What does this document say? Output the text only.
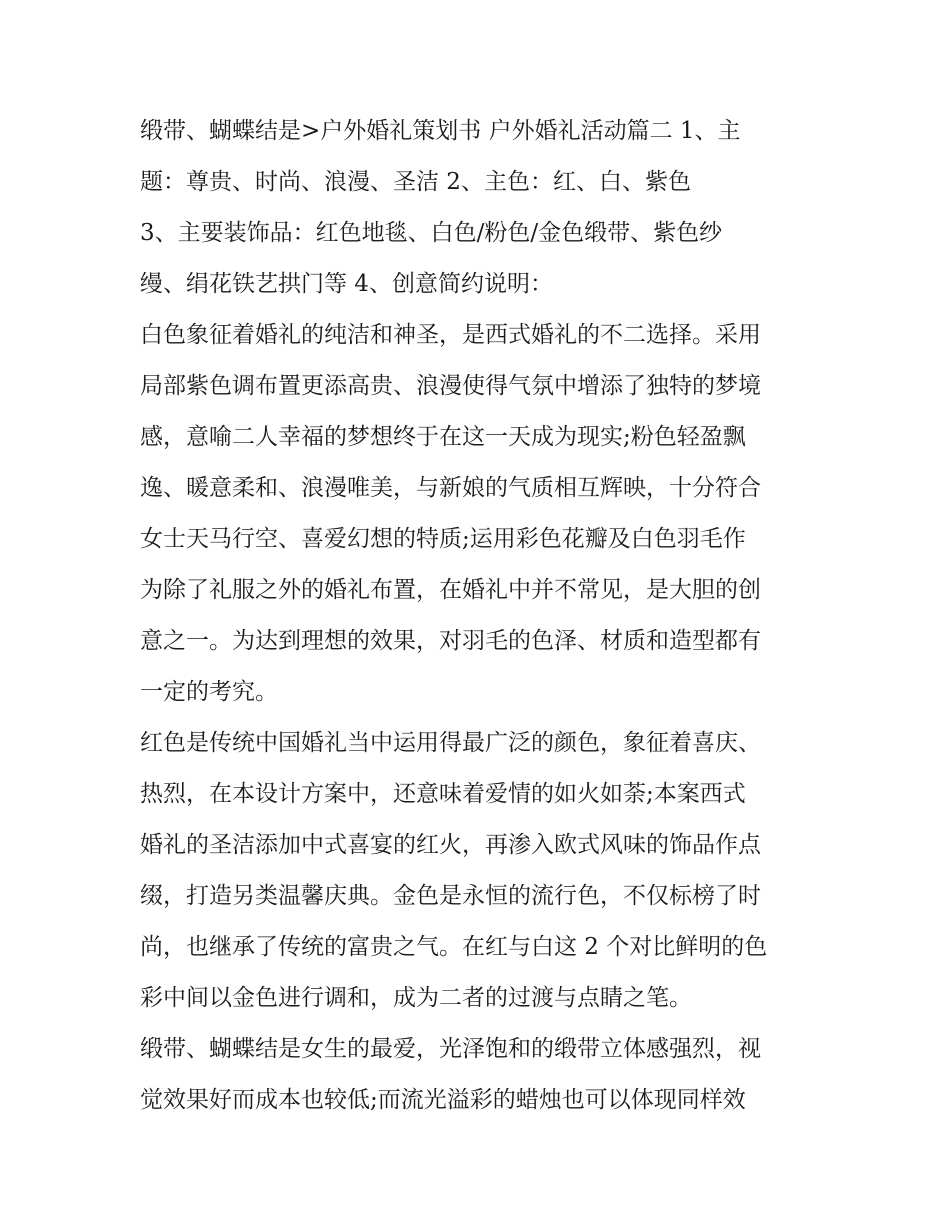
缎带、蝴蝶结是>户外婚礼策划书 户外婚礼活动篇二 1、主
题：尊贵、时尚、浪漫、圣洁 2、主色：红、白、紫色
3、主要装饰品：红色地毯、白色/粉色/金色缎带、紫色纱
缦、绢花铁艺拱门等 4、创意简约说明：
白色象征着婚礼的纯洁和神圣，是西式婚礼的不二选择。采用
局部紫色调布置更添高贵、浪漫使得气氛中增添了独特的梦境
感，意喻二人幸福的梦想终于在这一天成为现实;粉色轻盈飘
逸、暖意柔和、浪漫唯美，与新娘的气质相互辉映，十分符合
女士天马行空、喜爱幻想的特质;运用彩色花瓣及白色羽毛作
为除了礼服之外的婚礼布置，在婚礼中并不常见，是大胆的创
意之一。为达到理想的效果，对羽毛的色泽、材质和造型都有
一定的考究。
红色是传统中国婚礼当中运用得最广泛的颜色，象征着喜庆、
热烈，在本设计方案中，还意味着爱情的如火如荼;本案西式
婚礼的圣洁添加中式喜宴的红火，再渗入欧式风味的饰品作点
缀，打造另类温馨庆典。金色是永恒的流行色，不仅标榜了时
尚，也继承了传统的富贵之气。在红与白这 2 个对比鲜明的色
彩中间以金色进行调和，成为二者的过渡与点睛之笔。
缎带、蝴蝶结是女生的最爱，光泽饱和的缎带立体感强烈，视
觉效果好而成本也较低;而流光溢彩的蜡烛也可以体现同样效
